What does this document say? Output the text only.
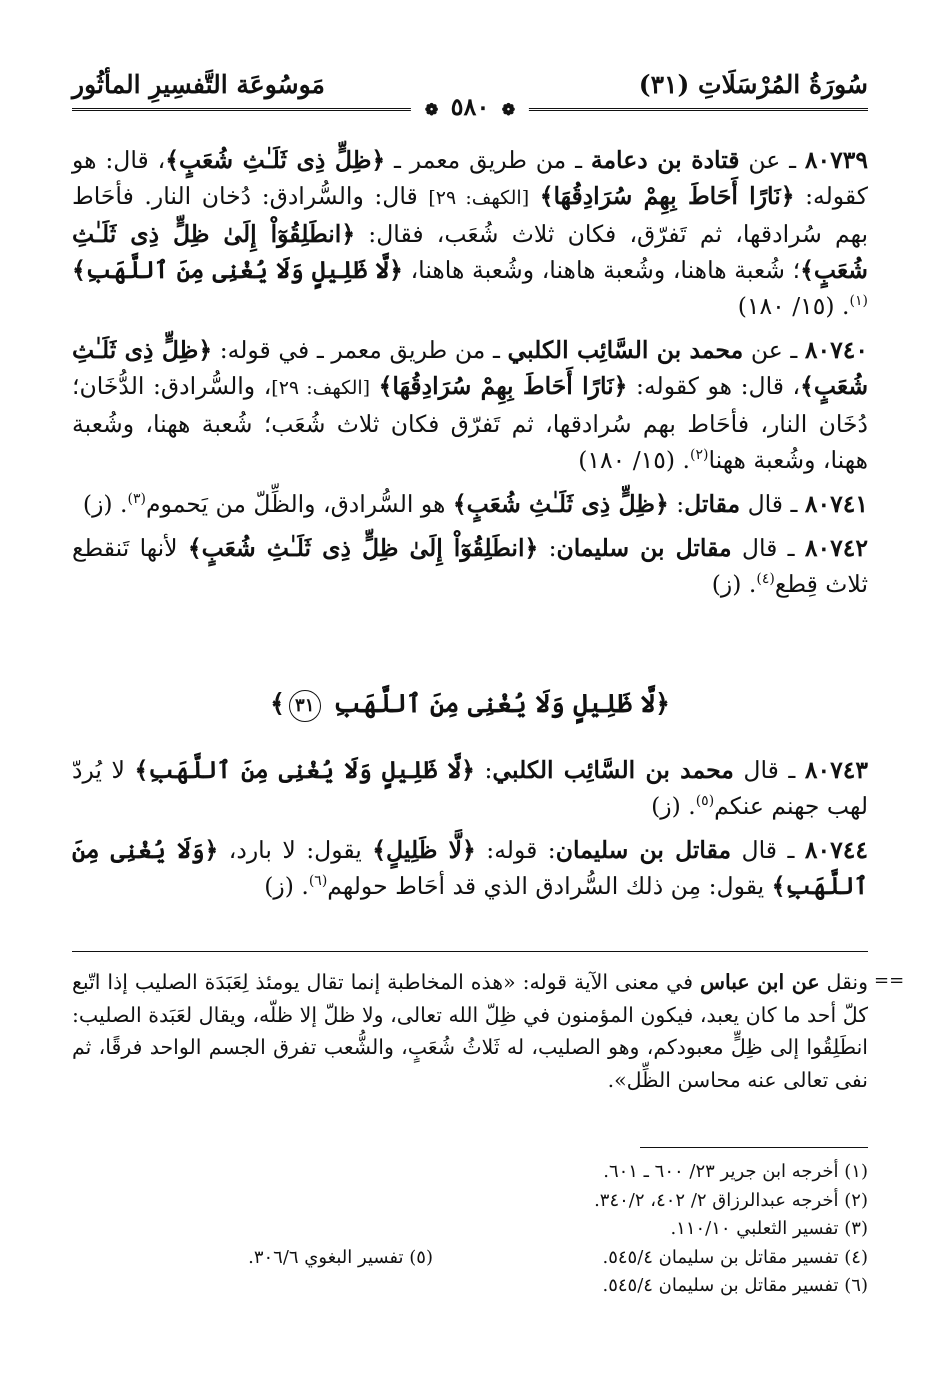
سُورَةُ المُرْسَلَاتِ (٣١)
مَوسُوعَة التَّفسِيرِ المأثُور
❁ ٥٨٠ ❁

٨٠٧٣٩ ـ عن قتادة بن دعامة ـ من طريق معمر ـ ﴿ظِلٍّ ذِى ثَلَـٰثِ شُعَبٍ﴾، قال: هو كقوله: ﴿نَارًا أَحَاطَ بِهِمْ سُرَادِقُهَا﴾ [الكهف: ٢٩] قال: والسُّرادق: دُخان النار. فأحَاط بهم سُرادقها، ثم تَفرّق، فكان ثلاث شُعَب، فقال: ﴿انطَلِقُوٓاْ إِلَىٰ ظِلٍّ ذِى ثَلَـٰثِ شُعَبٍ﴾؛ شُعبة هاهنا، وشُعبة هاهنا، وشُعبة هاهنا، ﴿لَّا ظَلِيلٍ وَلَا يُغْنِى مِنَ ٱللَّهَبِ﴾$^{(١)}$. (١٥/ ١٨٠)

٨٠٧٤٠ ـ عن محمد بن السَّائِب الكلبي ـ من طريق معمر ـ في قوله: ﴿ظِلٍّ ذِى ثَلَـٰثِ شُعَبٍ﴾، قال: هو كقوله: ﴿نَارًا أَحَاطَ بِهِمْ سُرَادِقُهَا﴾ [الكهف: ٢٩]، والسُّرادق: الدُّخَان؛ دُخَان النار، فأحَاط بهم سُرادقها، ثم تَفرّق فكان ثلاث شُعَب؛ شُعبة ههنا، وشُعبة ههنا، وشُعبة ههنا$^{(٢)}$. (١٥/ ١٨٠)

٨٠٧٤١ ـ قال مقاتل: ﴿ظِلٍّ ذِى ثَلَـٰثِ شُعَبٍ﴾ هو السُّرادق، والظِّلّ من يَحموم$^{(٣)}$. (ز)

٨٠٧٤٢ ـ قال مقاتل بن سليمان: ﴿انطَلِقُوٓاْ إِلَىٰ ظِلٍّ ذِى ثَلَـٰثِ شُعَبٍ﴾ لأنها تَنقطع ثلاث قِطع$^{(٤)}$. (ز)

﴿لَّا ظَلِيلٍ وَلَا يُغْنِى مِنَ ٱللَّهَبِ ٣١﴾

٨٠٧٤٣ ـ قال محمد بن السَّائِب الكلبي: ﴿لَّا ظَلِيلٍ وَلَا يُغْنِى مِنَ ٱللَّهَبِ﴾ لا يُردّ لهب جهنم عنكم$^{(٥)}$. (ز)

٨٠٧٤٤ ـ قال مقاتل بن سليمان: قوله: ﴿لَّا ظَلِيلٍ﴾ يقول: لا بارد، ﴿وَلَا يُغْنِى مِنَ ٱللَّهَبِ﴾ يقول: مِن ذلك السُّرادق الذي قد أحَاط حولهم$^{(٦)}$. (ز)

==
ونقل عن ابن عباس في معنى الآية قوله: «هذه المخاطبة إنما تقال يومئذ لِعَبَدَة الصليب إذا اتّبع كلّ أحد ما كان يعبد، فيكون المؤمنون في ظِلّ الله تعالى، ولا ظلّ إلا ظلّه، ويقال لعَبَدة الصليب: انطَلِقُوا إلى ظِلٍّ معبودكم، وهو الصليب، له ثَلاثُ شُعَبٍ، والشُّعب تفرق الجسم الواحد فرقًا، ثم نفى تعالى عنه محاسن الظِّل».
(١) أخرجه ابن جرير ٢٣/ ٦٠٠ ـ ٦٠١.
(٢) أخرجه عبدالرزاق ٢/ ٤٠٢، ٣٤٠/٢.
(٣) تفسير الثعلبي ١١٠/١٠.
(٤) تفسير مقاتل بن سليمان ٥٤٥/٤.
(٥) تفسير البغوي ٣٠٦/٦.
(٦) تفسير مقاتل بن سليمان ٥٤٥/٤.
